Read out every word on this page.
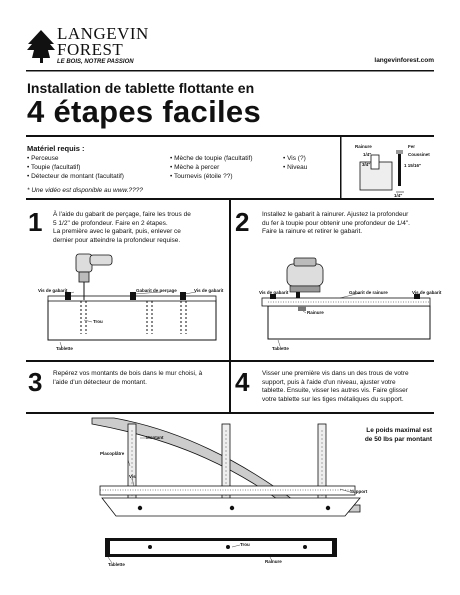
LANGEVIN
FOREST
LE BOIS, NOTRE PASSION	langevinforest.com
Installation de tablette flottante en
4 étapes faciles
Matériel requis :
• Perceuse
• Toupie (facultatif)
• Détecteur de montant (facultatif)
• Mèche de toupie (facultatif)
• Mèche à percer
• Tournevis (étoile ??)
• Vis (?)
• Niveau
* Une vidéo est disponible au www.????
Rainure	Fer
Coussinet
1/4"
3/4"	1 15/16"
1/4"
1 À l'aide du gabarit de perçage, faire les trous de
5 1/2" de profondeur. Faire en 2 étapes.
La première avec le gabarit, puis, enlever ce
dernier pour atteindre la profondeur requise.
Vis de gabarit	Gabarit de perçage	Vis de gabarit
Trou
Tablette
2 Installez le gabarit à rainurer. Ajustez la profondeur
du fer à toupie pour obtenir une profondeur de 1/4".
Faire la rainure et retirer le gabarit.
Vis de gabarit	Gabarit de rainure	Vis de gabarit
Rainure
Tablette
3 Repérez vos montants de bois dans le mur choisi, à
l'aide d'un détecteur de montant.	4 Visser une première vis dans un des trous de votre
support, puis à l'aide d'un niveau, ajuster votre
tablette. Ensuite, visser les autres vis. Faire glisser
votre tablette sur les tiges métaliques du support.
Montant
Placoplâtre
Vis
Support
Le poids maximal est
de 50 lbs par montant
Trou
Tablette
Rainure
